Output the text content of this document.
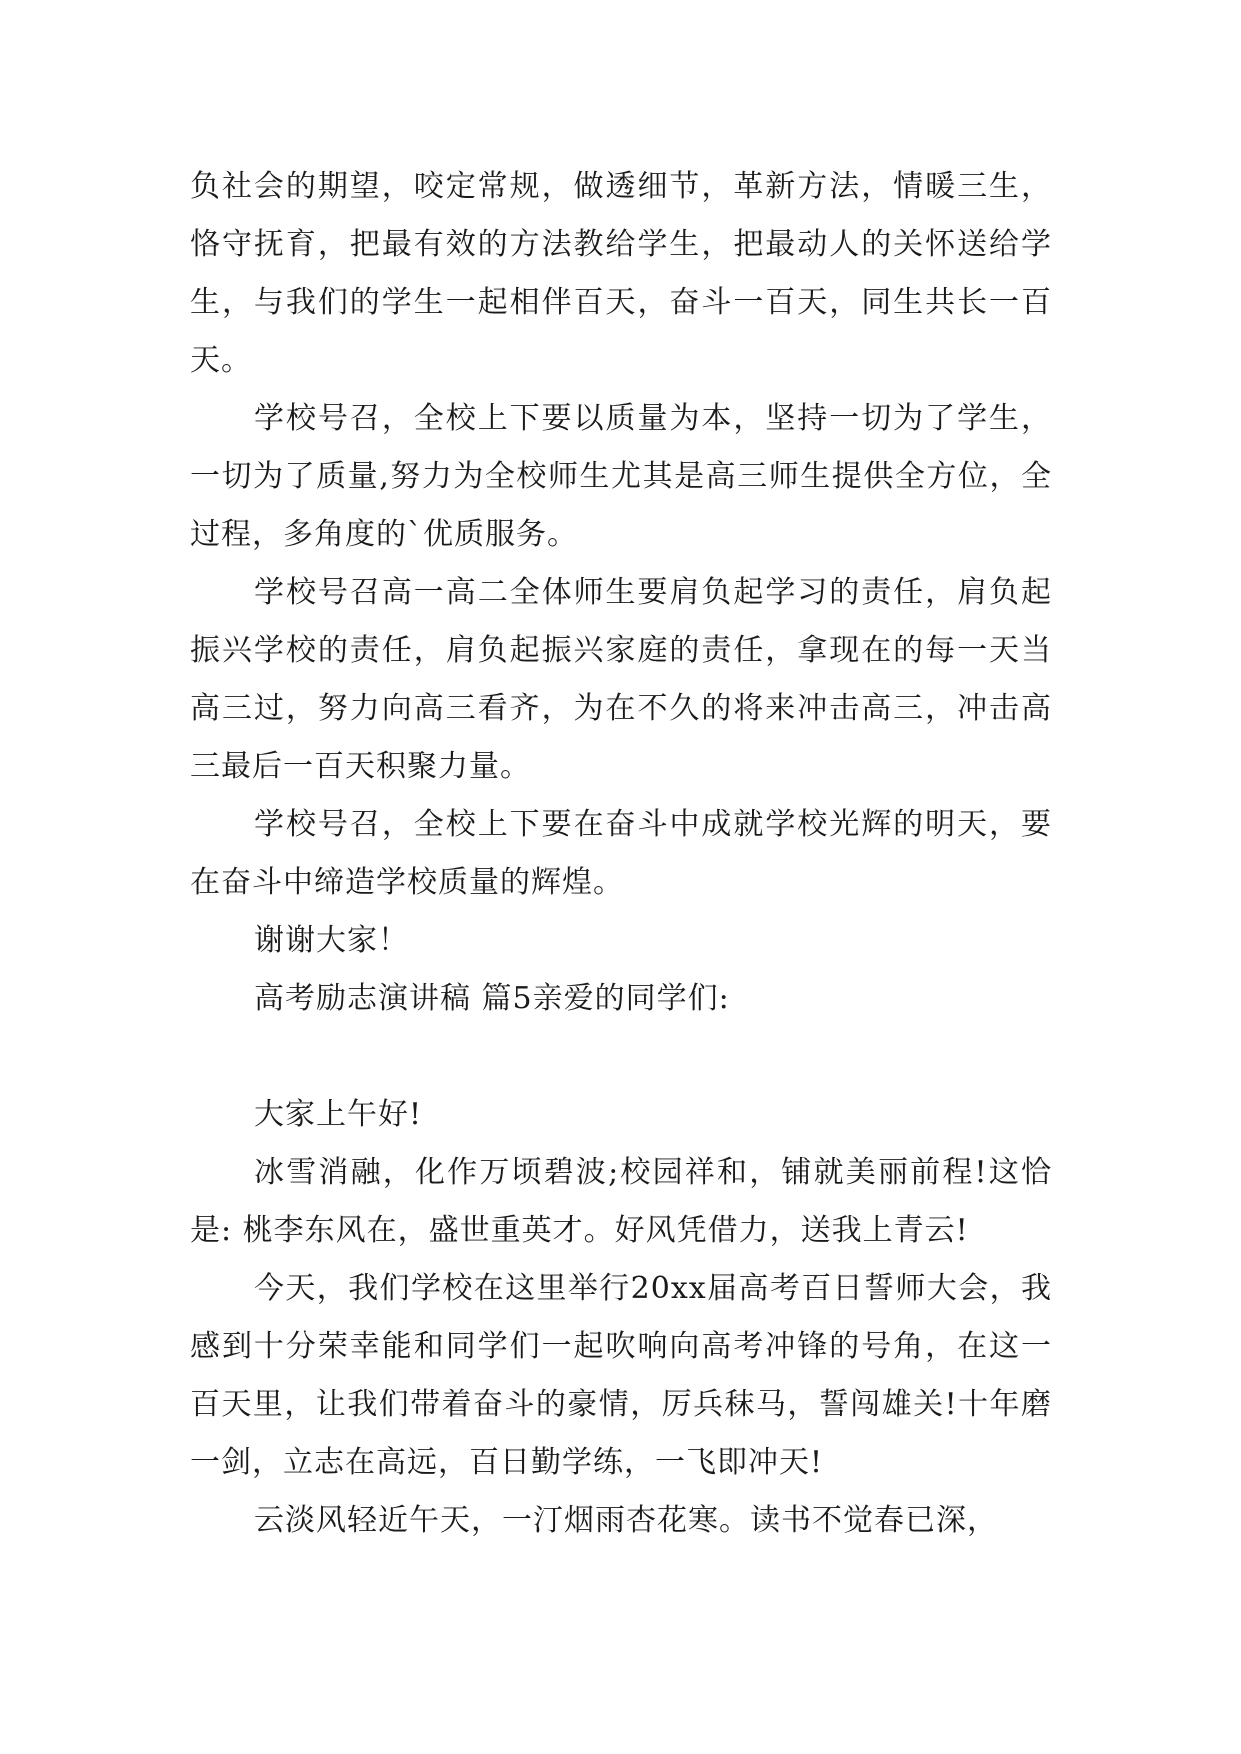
负社会的期望，咬定常规，做透细节，革新方法，情暖三生，恪守抚育，把最有效的方法教给学生，把最动人的关怀送给学生，与我们的学生一起相伴百天，奋斗一百天，同生共长一百天。

学校号召，全校上下要以质量为本，坚持一切为了学生，一切为了质量,努力为全校师生尤其是高三师生提供全方位，全过程，多角度的`优质服务。

学校号召高一高二全体师生要肩负起学习的责任，肩负起振兴学校的责任，肩负起振兴家庭的责任，拿现在的每一天当高三过，努力向高三看齐，为在不久的将来冲击高三，冲击高三最后一百天积聚力量。

学校号召，全校上下要在奋斗中成就学校光辉的明天，要在奋斗中缔造学校质量的辉煌。

谢谢大家！

高考励志演讲稿 篇5亲爱的同学们:

大家上午好!

冰雪消融，化作万顷碧波;校园祥和，铺就美丽前程!这恰是: 桃李东风在，盛世重英才。好风凭借力，送我上青云!

今天，我们学校在这里举行20xx届高考百日誓师大会，我感到十分荣幸能和同学们一起吹响向高考冲锋的号角，在这一百天里，让我们带着奋斗的豪情，厉兵秣马，誓闯雄关!十年磨一剑，立志在高远，百日勤学练，一飞即冲天!

云淡风轻近午天，一汀烟雨杏花寒。读书不觉春已深，
